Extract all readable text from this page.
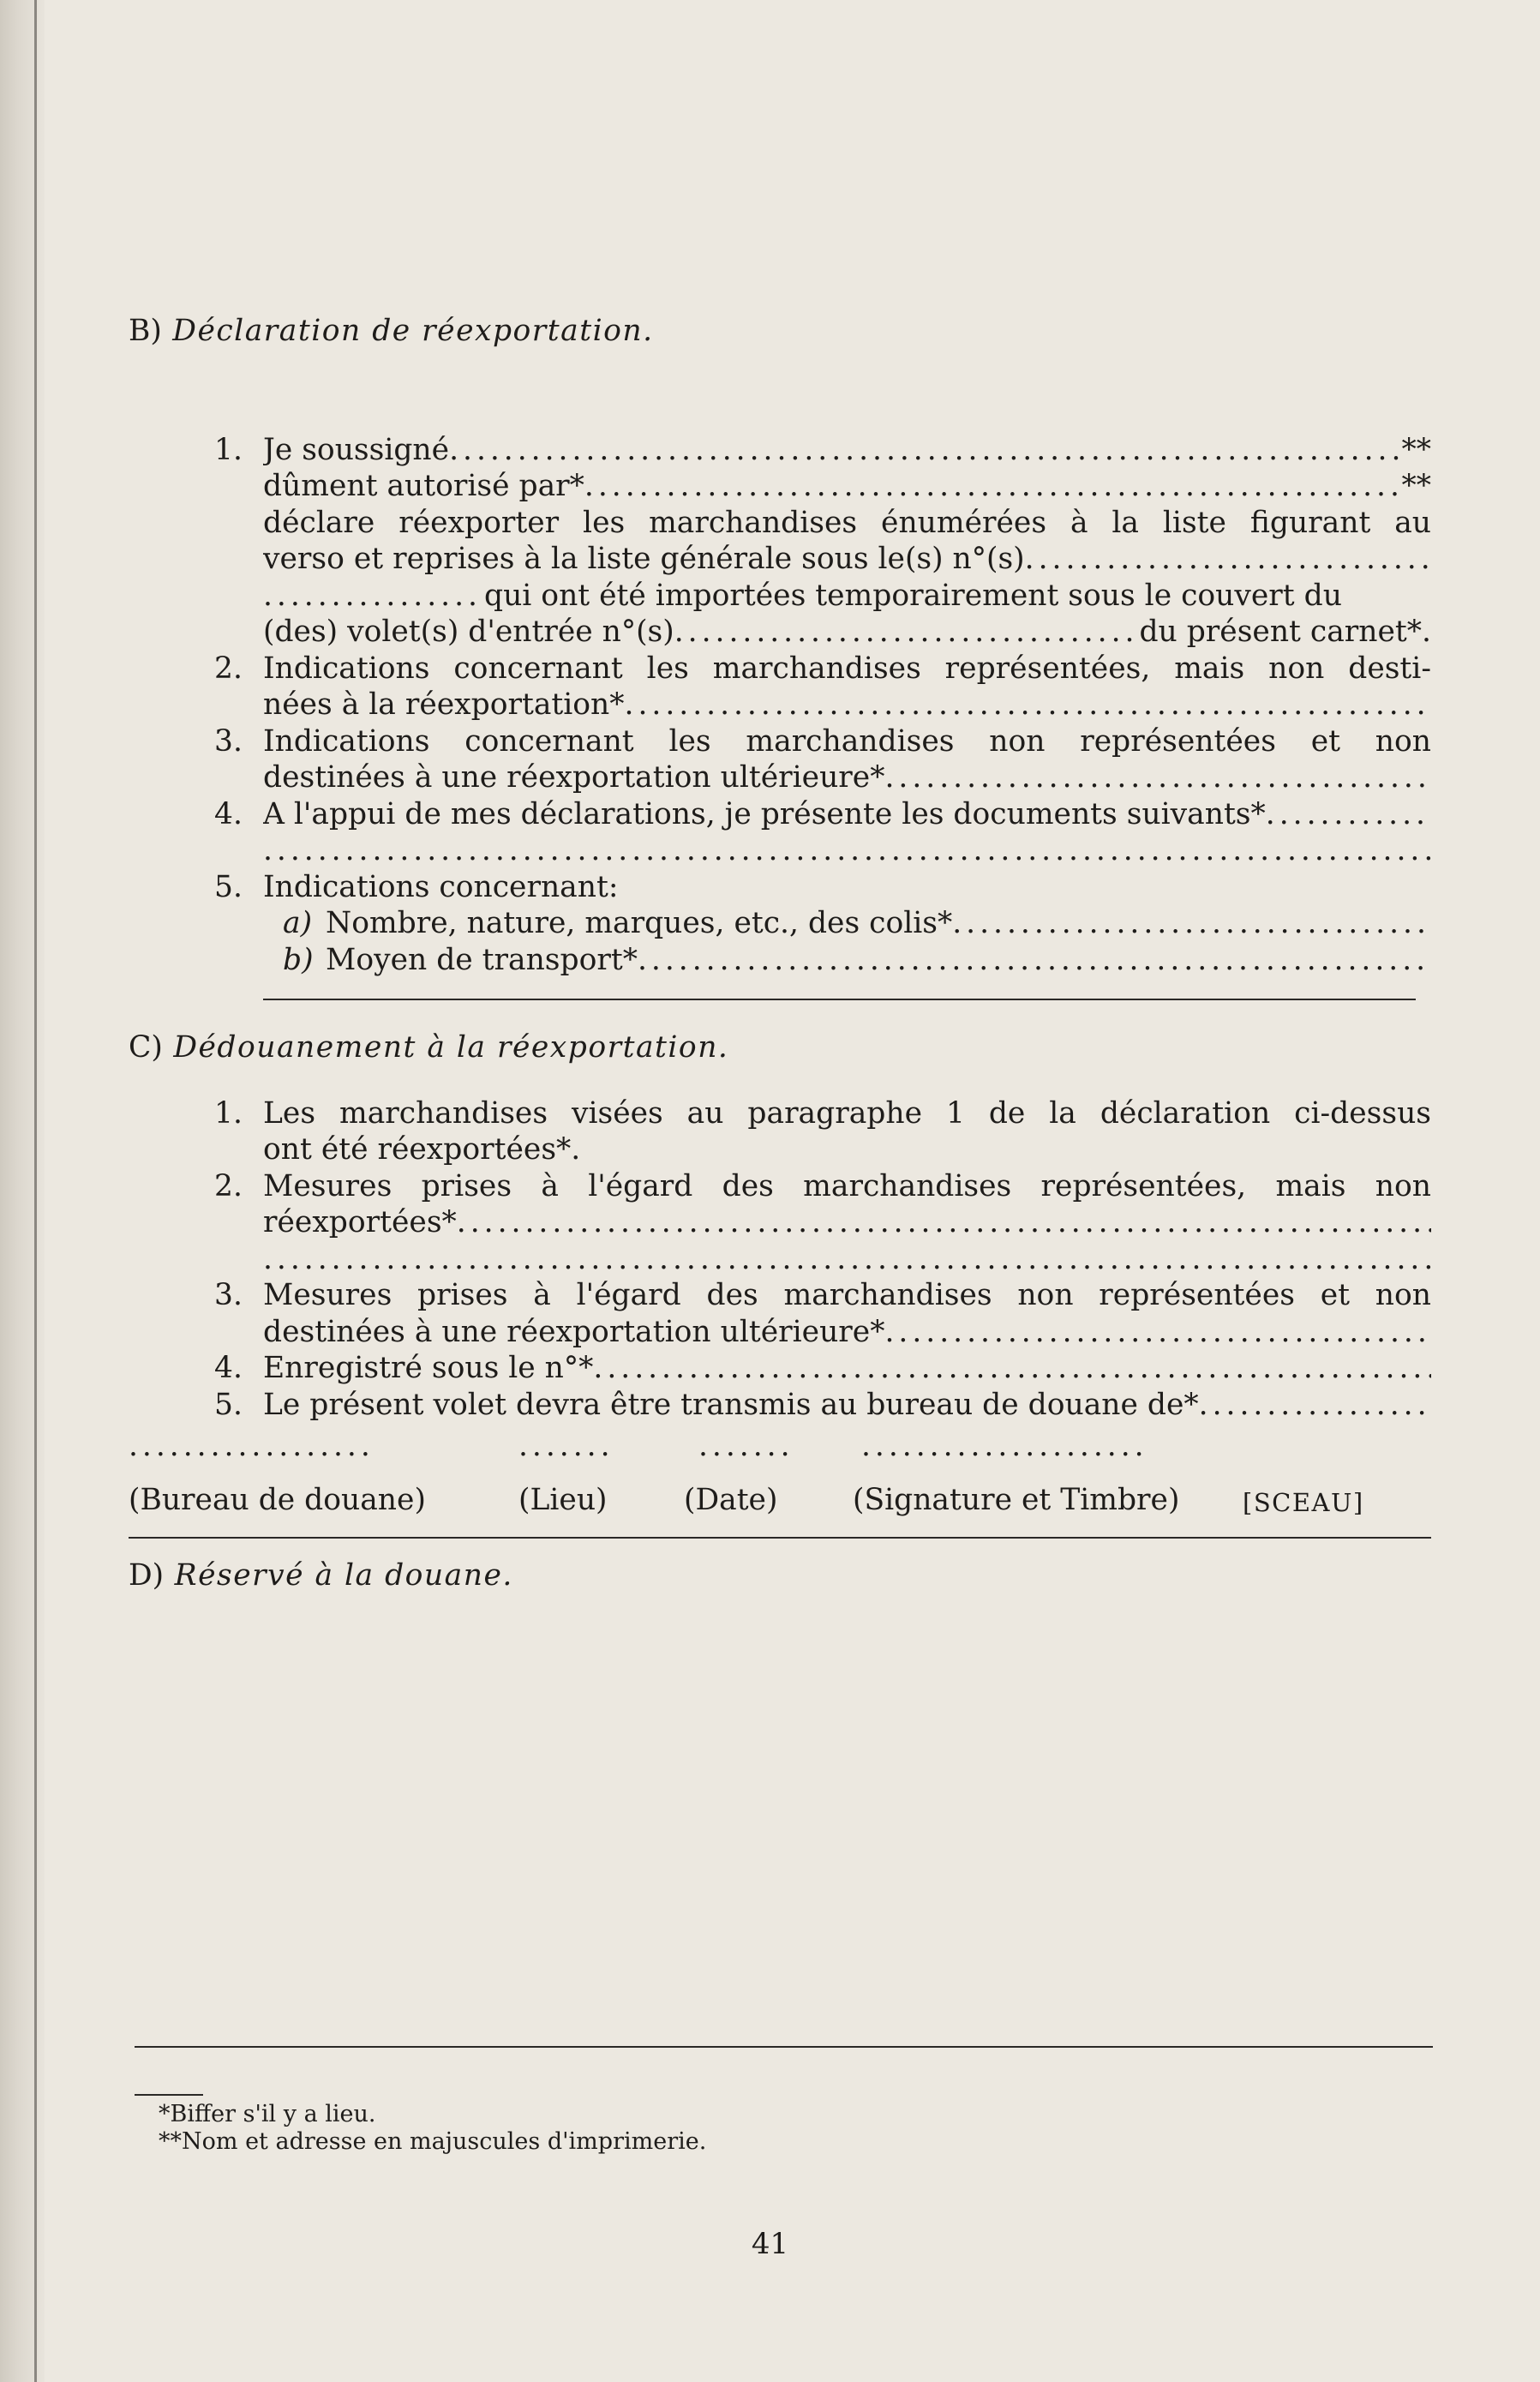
B) Déclaration de réexportation.
1. Je soussigné . . .	**
dûment autorisé par* . . .	**
déclare réexporter les marchandises énumérées à la liste figurant au
verso et reprises à la liste générale sous le(s) n°(s)
. . .
. . .
qui ont été importées temporairement sous le couvert du
(des) volet(s) d'entrée n°(s) . . .	du présent carnet*.
2. Indications concernant les marchandises représentées, mais non desti-
nées à la réexportation*
. . .
3. Indications concernant les marchandises non représentées et non
destinées à une réexportation ultérieure*
. . .
4. A l'appui de mes déclarations, je présente les documents suivants*
. . .
. . .
5. Indications concernant:
a) Nombre, nature, marques, etc., des colis*
. . .
b) Moyen de transport*
. . .
C) Dédouanement à la réexportation.
1. Les marchandises visées au paragraphe 1 de la déclaration ci-dessus
ont été réexportées*.
2. Mesures prises à l'égard des marchandises représentées, mais non
réexportées*
. . .
. . .
3. Mesures prises à l'égard des marchandises non représentées et non
destinées à une réexportation ultérieure*
. . .
4. Enregistré sous le n°*
. . .
5. Le présent volet devra être transmis au bureau de douane de*
. . .
. . . . . . . . . . . . . . . . . .	. . . . . . .	. . . . . . .	. . . . . . . . . . . . . . . . . . . . .
(Bureau de douane)	(Lieu)	(Date)	(Signature et Timbre)	[SCEAU]
D) Réservé à la douane.
*Biffer s'il y a lieu.
**Nom et adresse en majuscules d'imprimerie.
41
